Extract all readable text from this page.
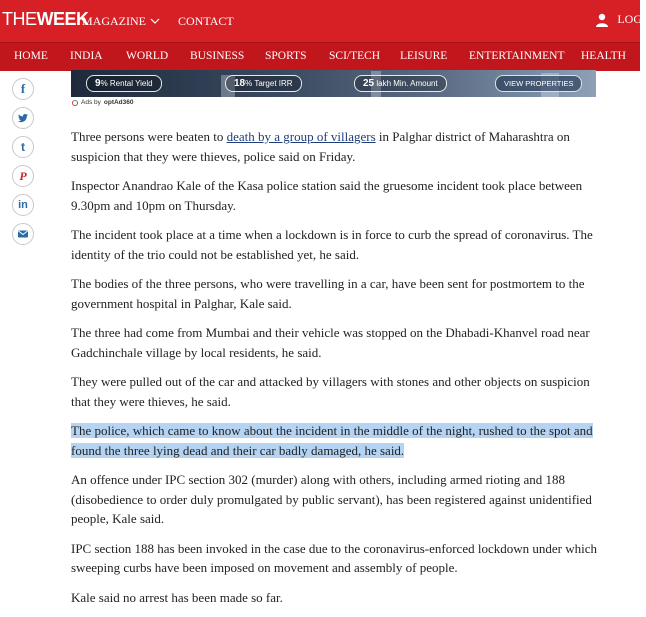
THEWEEK
MAGAZINE	CONTACT	LOGI
HOME INDIA WORLD BUSINESS SPORTS SCI/TECH LEISURE ENTERTAINMENT HEALTH
9% Rental Yield	18% Target IRR	25 lakh Min. Amount	VIEW PROPERTIES
Ads by optAd360
f
t
P
in

Three persons were beaten to death by a group of villagers in Palghar district of Maharashtra on suspicion that they were thieves, police said on Friday.

Inspector Anandrao Kale of the Kasa police station said the gruesome incident took place between 9.30pm and 10pm on Thursday.

The incident took place at a time when a lockdown is in force to curb the spread of coronavirus. The identity of the trio could not be established yet, he said.

The bodies of the three persons, who were travelling in a car, have been sent for postmortem to the government hospital in Palghar, Kale said.

The three had come from Mumbai and their vehicle was stopped on the Dhabadi-Khanvel road near Gadchinchale village by local residents, he said.

They were pulled out of the car and attacked by villagers with stones and other objects on suspicion that they were thieves, he said.

The police, which came to know about the incident in the middle of the night, rushed to the spot and found the three lying dead and their car badly damaged, he said.

An offence under IPC section 302 (murder) along with others, including armed rioting and 188 (disobedience to order duly promulgated by public servant), has been registered against unidentified people, Kale said.

IPC section 188 has been invoked in the case due to the coronavirus-enforced lockdown under which sweeping curbs have been imposed on movement and assembly of people.

Kale said no arrest has been made so far.
